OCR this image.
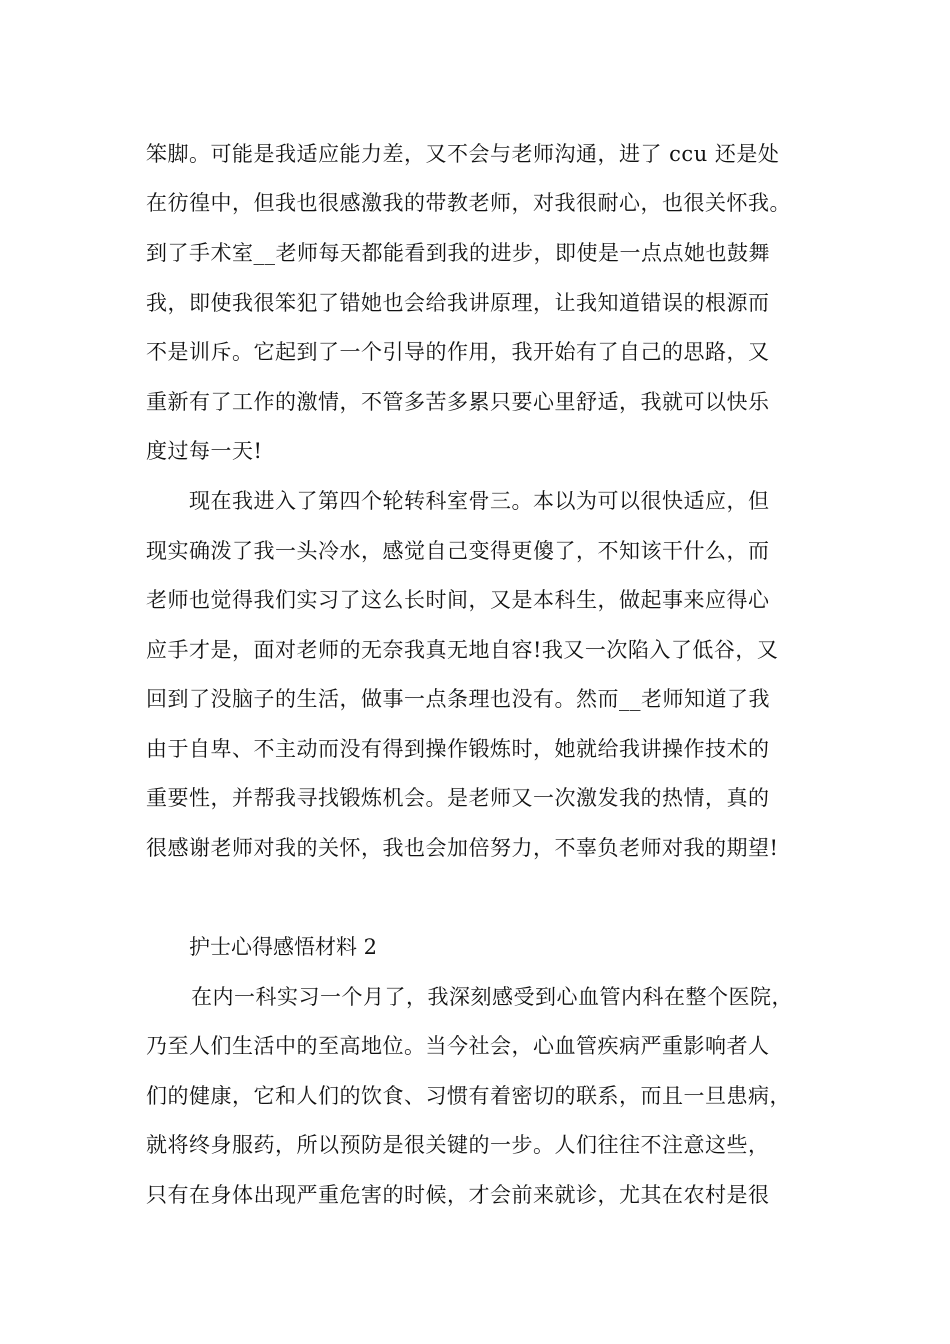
笨脚。可能是我适应能力差，又不会与老师沟通，进了 ccu 还是处
在彷徨中，但我也很感激我的带教老师，对我很耐心，也很关怀我。
到了手术室__老师每天都能看到我的进步，即使是一点点她也鼓舞
我，即使我很笨犯了错她也会给我讲原理，让我知道错误的根源而
不是训斥。它起到了一个引导的作用，我开始有了自己的思路，又
重新有了工作的激情，不管多苦多累只要心里舒适，我就可以快乐
度过每一天!
现在我进入了第四个轮转科室骨三。本以为可以很快适应，但
现实确泼了我一头冷水，感觉自己变得更傻了，不知该干什么，而
老师也觉得我们实习了这么长时间，又是本科生，做起事来应得心
应手才是，面对老师的无奈我真无地自容!我又一次陷入了低谷，又
回到了没脑子的生活，做事一点条理也没有。然而__老师知道了我
由于自卑、不主动而没有得到操作锻炼时，她就给我讲操作技术的
重要性，并帮我寻找锻炼机会。是老师又一次激发我的热情，真的
很感谢老师对我的关怀，我也会加倍努力，不辜负老师对我的期望!
护士心得感悟材料 2
在内一科实习一个月了，我深刻感受到心血管内科在整个医院，
乃至人们生活中的至高地位。当今社会，心血管疾病严重影响者人
们的健康，它和人们的饮食、习惯有着密切的联系，而且一旦患病，
就将终身服药，所以预防是很关键的一步。人们往往不注意这些，
只有在身体出现严重危害的时候，才会前来就诊，尤其在农村是很
